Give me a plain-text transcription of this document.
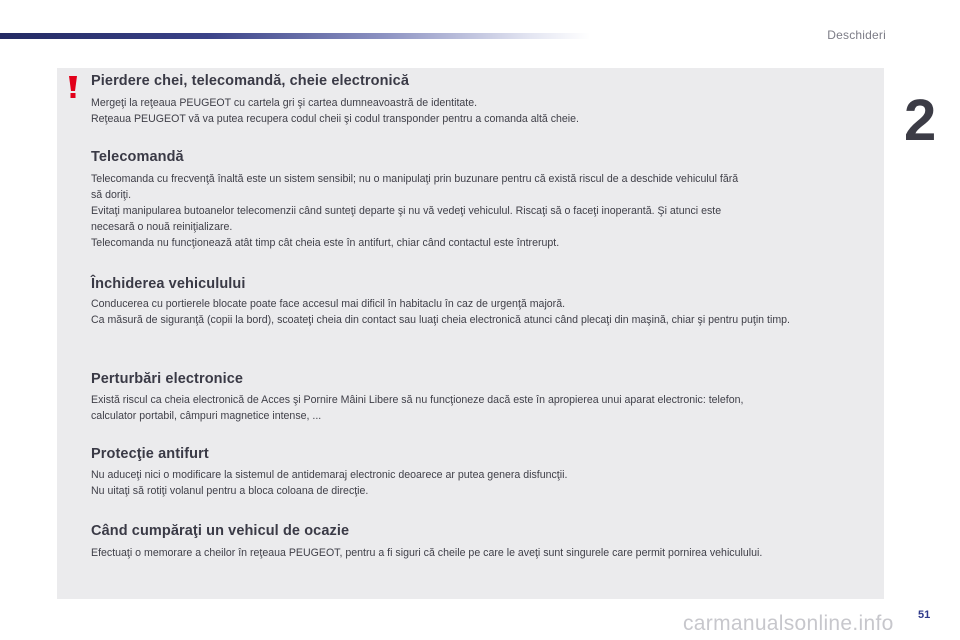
Deschideri
2
Pierdere chei, telecomandă, cheie electronică

Mergeţi la reţeaua PEUGEOT cu cartela gri şi cartea dumneavoastră de identitate.
Reţeaua PEUGEOT vă va putea recupera codul cheii şi codul transponder pentru a comanda altă cheie.

Telecomandă

Telecomanda cu frecvenţă înaltă este un sistem sensibil; nu o manipulaţi prin buzunare pentru că există riscul de a deschide vehiculul fără
să doriţi.
Evitaţi manipularea butoanelor telecomenzii când sunteţi departe şi nu vă vedeţi vehiculul. Riscaţi să o faceţi inoperantă. Şi atunci este
necesară o nouă reiniţializare.
Telecomanda nu funcţionează atât timp cât cheia este în antifurt, chiar când contactul este întrerupt.

Închiderea vehiculului

Conducerea cu portierele blocate poate face accesul mai dificil în habitaclu în caz de urgenţă majoră.
Ca măsură de siguranţă (copii la bord), scoateţi cheia din contact sau luaţi cheia electronică atunci când plecaţi din maşină, chiar şi pentru puţin timp.

Perturbări electronice

Există riscul ca cheia electronică de Acces şi Pornire Mâini Libere să nu funcţioneze dacă este în apropierea unui aparat electronic: telefon,
calculator portabil, câmpuri magnetice intense, ...

Protecţie antifurt

Nu aduceţi nici o modificare la sistemul de antidemaraj electronic deoarece ar putea genera disfuncţii.
Nu uitaţi să rotiţi volanul pentru a bloca coloana de direcţie.

Când cumpăraţi un vehicul de ocazie

Efectuaţi o memorare a cheilor în reţeaua PEUGEOT, pentru a fi siguri că cheile pe care le aveţi sunt singurele care permit pornirea vehiculului.

51
carmanualsonline.info
